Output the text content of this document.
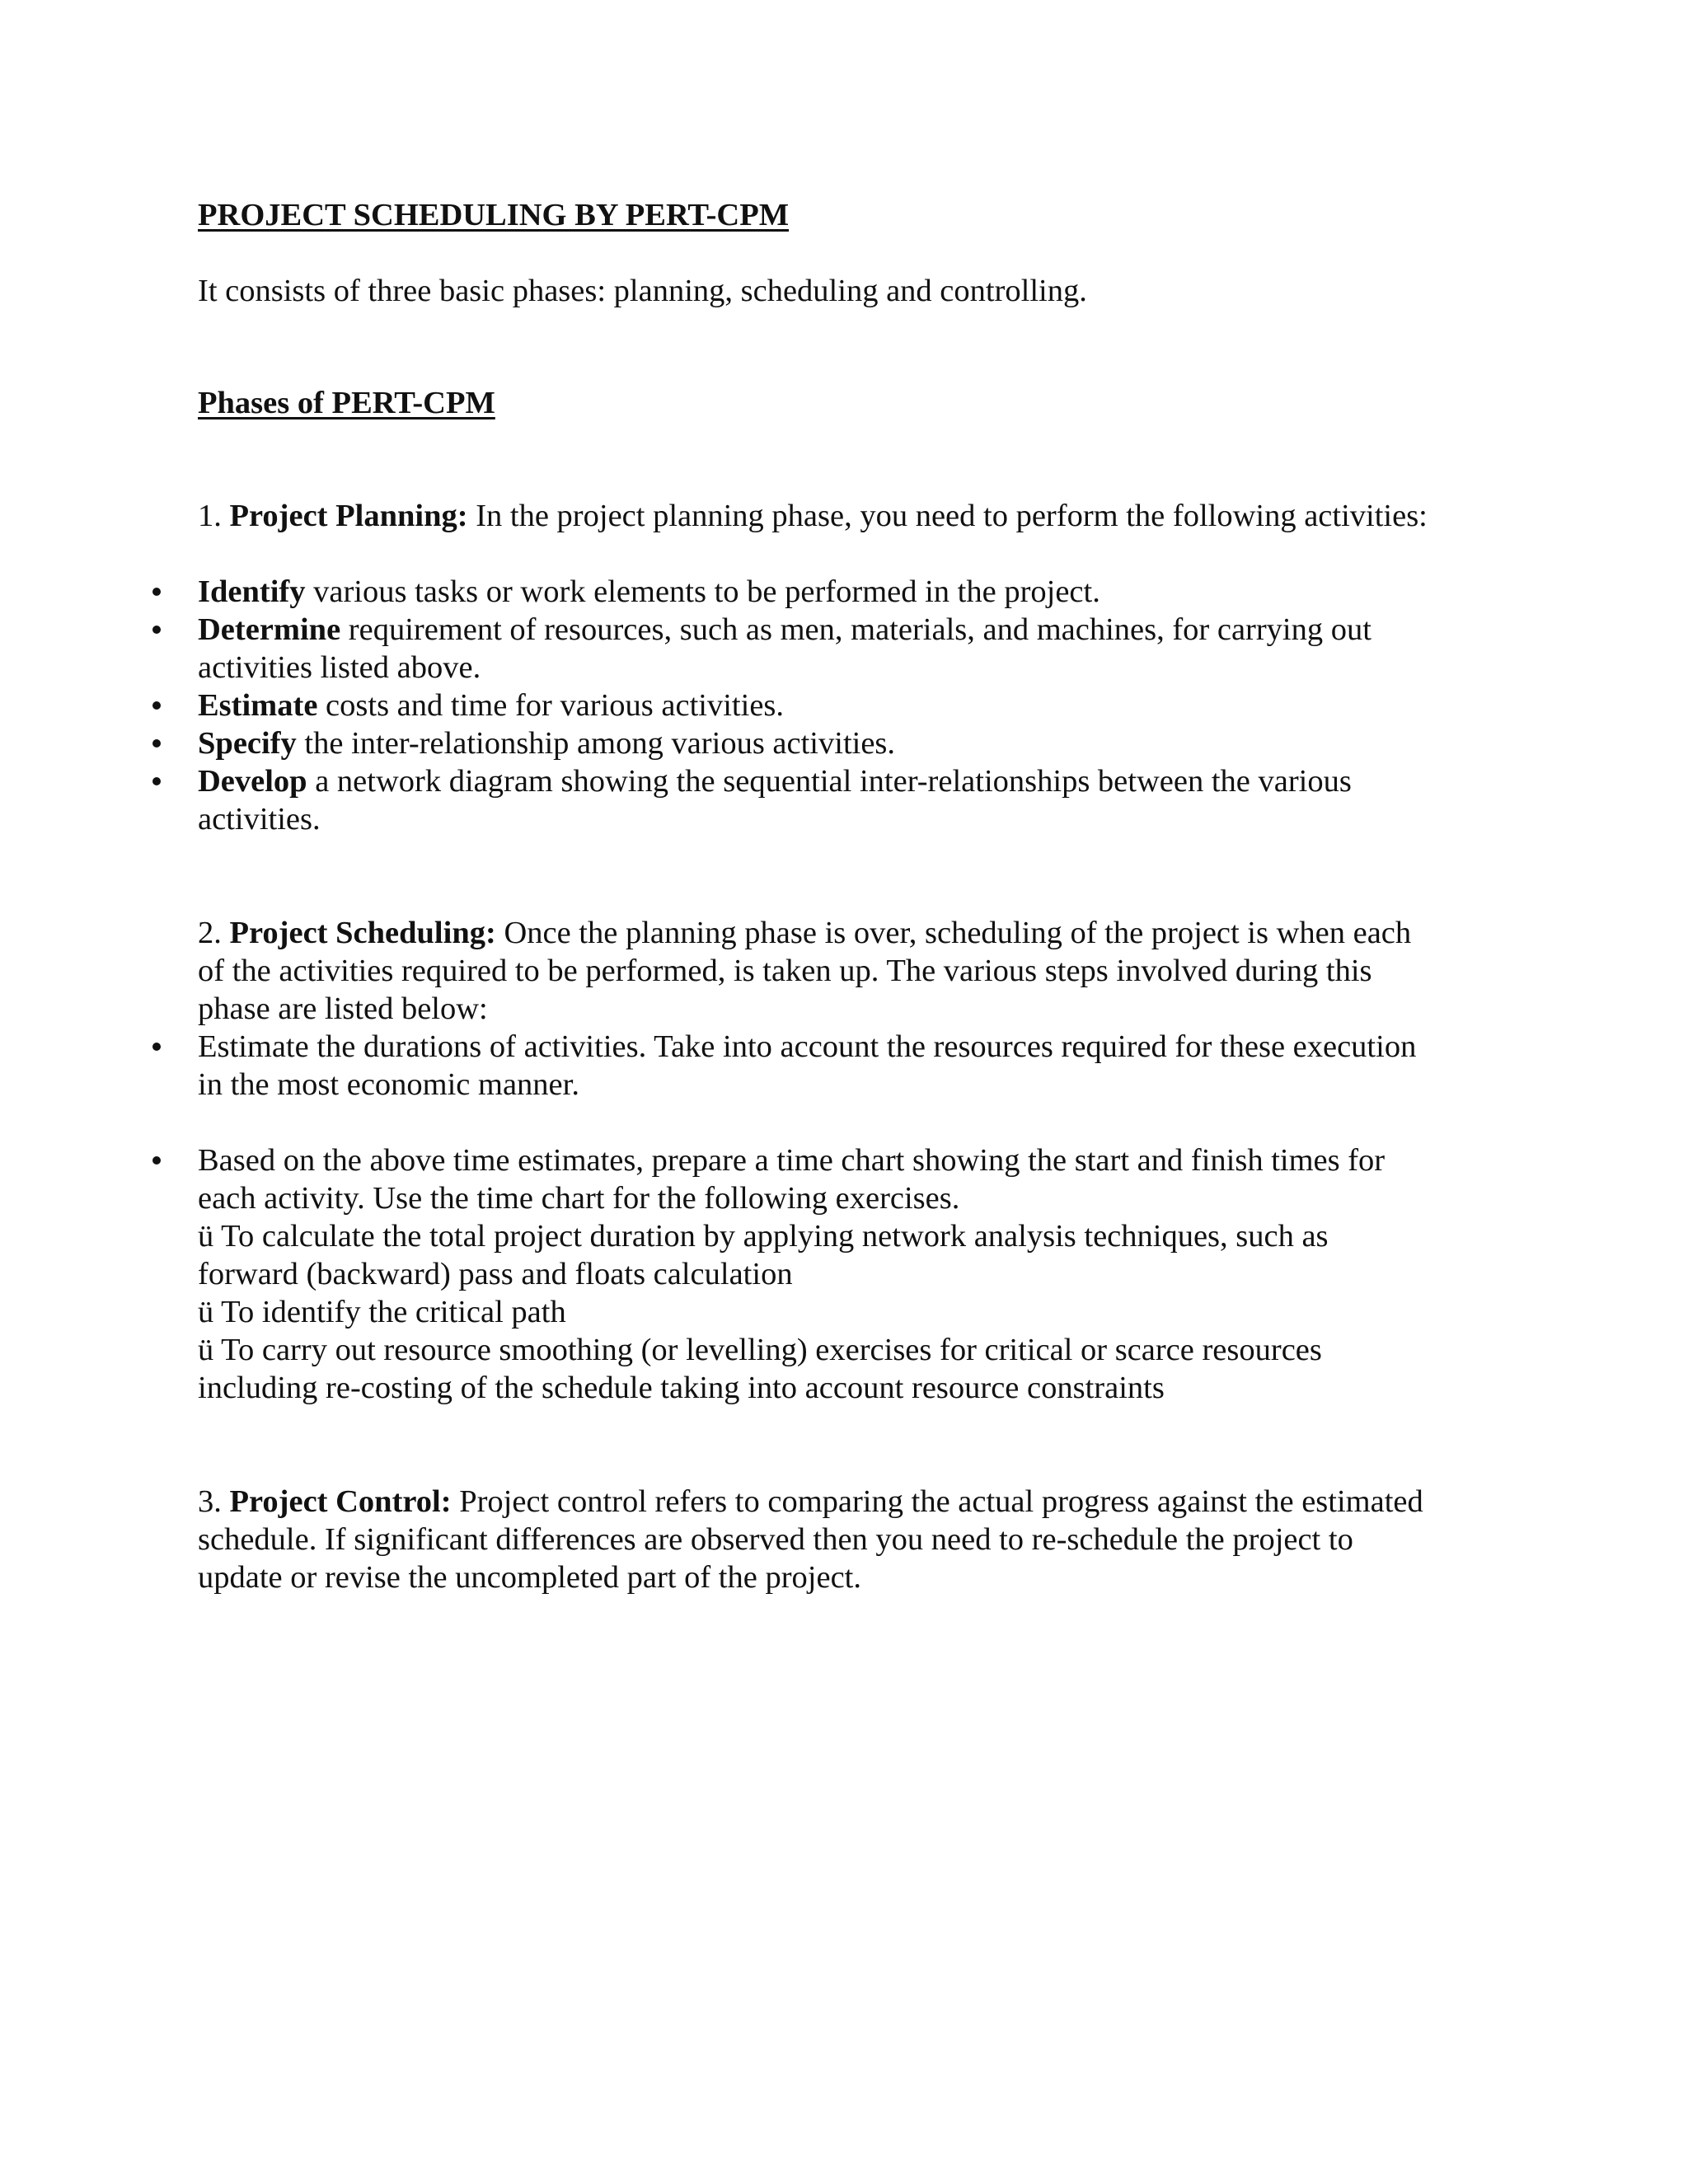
PROJECT SCHEDULING BY PERT-CPM
It consists of three basic phases: planning, scheduling and controlling.
Phases of PERT-CPM
1. Project Planning: In the project planning phase, you need to perform the following activities:
Identify various tasks or work elements to be performed in the project.
Determine requirement of resources, such as men, materials, and machines, for carrying out
activities listed above.
Estimate costs and time for various activities.
Specify the inter-relationship among various activities.
Develop a network diagram showing the sequential inter-relationships between the various
activities.
2. Project Scheduling: Once the planning phase is over, scheduling of the project is when each
of the activities required to be performed, is taken up. The various steps involved during this
phase are listed below:
Estimate the durations of activities. Take into account the resources required for these execution
in the most economic manner.
Based on the above time estimates, prepare a time chart showing the start and finish times for
each activity. Use the time chart for the following exercises.
ü To calculate the total project duration by applying network analysis techniques, such as
forward (backward) pass and floats calculation
ü To identify the critical path
ü To carry out resource smoothing (or levelling) exercises for critical or scarce resources
including re-costing of the schedule taking into account resource constraints
3. Project Control: Project control refers to comparing the actual progress against the estimated
schedule. If significant differences are observed then you need to re-schedule the project to
update or revise the uncompleted part of the project.
